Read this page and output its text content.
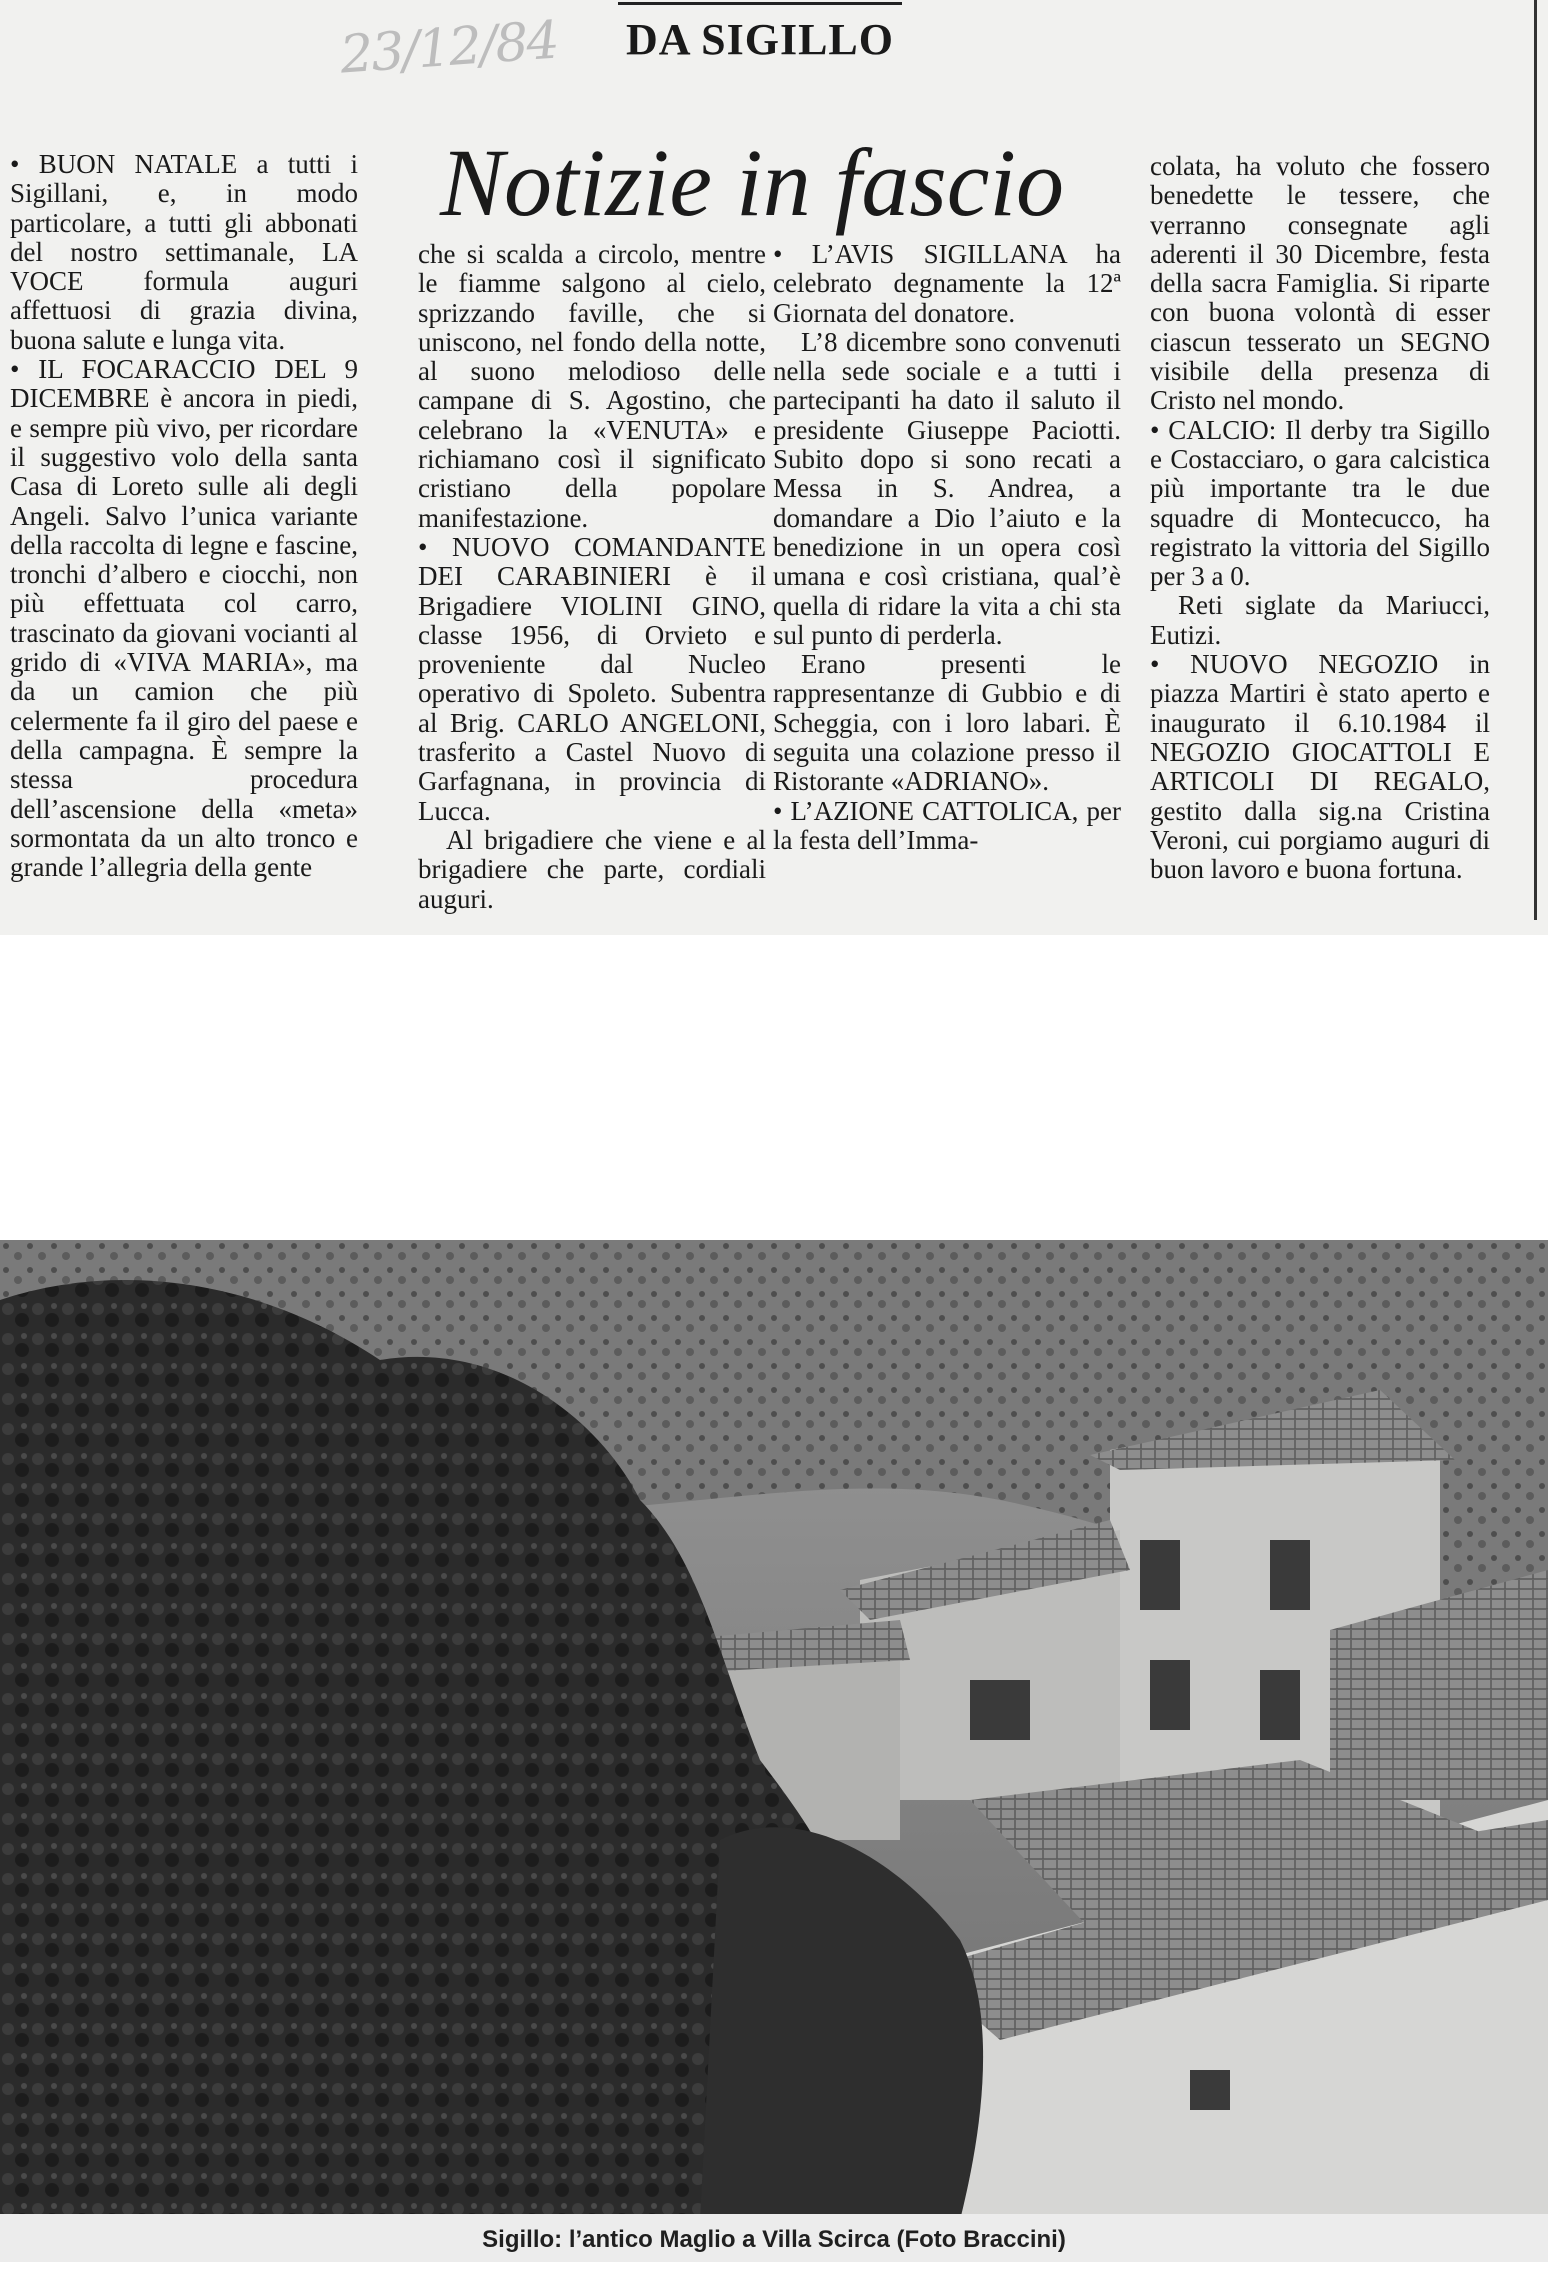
23/12/84	DA SIGILLO
Notizie in fascio

• BUON NATALE a tutti i Sigillani, e, in modo particolare, a tutti gli abbonati del nostro settimanale, LA VOCE formula auguri affettuosi di grazia divina, buona salute e lunga vita.

• IL FOCARACCIO DEL 9 DICEMBRE è ancora in piedi, e sempre più vivo, per ricordare il suggestivo volo della santa Casa di Loreto sulle ali degli Angeli. Salvo l’unica variante della raccolta di legne e fascine, tronchi d’albero e ciocchi, non più effettuata col carro, trascinato da giovani vocianti al grido di «VIVA MARIA», ma da un camion che più celermente fa il giro del paese e della campagna. È sempre la stessa procedura dell’ascensione della «meta» sormontata da un alto tronco e grande l’allegria della gente

che si scalda a circolo, mentre le fiamme salgono al cielo, sprizzando faville, che si uniscono, nel fondo della notte, al suono melodioso delle campane di S. Agostino, che celebrano la «VENUTA» e richiamano così il significato cristiano della popolare manifestazione.

• NUOVO COMANDANTE DEI CARABINIERI è il Brigadiere VIOLINI GINO, classe 1956, di Orvieto e proveniente dal Nucleo operativo di Spoleto. Subentra al Brig. CARLO ANGELONI, trasferito a Castel Nuovo di Garfagnana, in provincia di Lucca.

Al brigadiere che viene e al brigadiere che parte, cordiali auguri.

• L’AVIS SIGILLANA ha celebrato degnamente la 12ª Giornata del donatore.

L’8 dicembre sono convenuti nella sede sociale e a tutti i partecipanti ha dato il saluto il presidente Giuseppe Paciotti. Subito dopo si sono recati a Messa in S. Andrea, a domandare a Dio l’aiuto e la benedizione in un opera così umana e così cristiana, qual’è quella di ridare la vita a chi sta sul punto di perderla.

Erano presenti le rappresentanze di Gubbio e di Scheggia, con i loro labari. È seguita una colazione presso il Ristorante «ADRIANO».

• L’AZIONE CATTOLICA, per la festa dell’Imma-

colata, ha voluto che fossero benedette le tessere, che verranno consegnate agli aderenti il 30 Dicembre, festa della sacra Famiglia. Si riparte con buona volontà di esser ciascun tesserato un SEGNO visibile della presenza di Cristo nel mondo.

• CALCIO: Il derby tra Sigillo e Costacciaro, o gara calcistica più importante tra le due squadre di Montecucco, ha registrato la vittoria del Sigillo per 3 a 0.

Reti siglate da Mariucci, Eutizi.

• NUOVO NEGOZIO in piazza Martiri è stato aperto e inaugurato il 6.10.1984 il NEGOZIO GIOCATTOLI E ARTICOLI DI REGALO, gestito dalla sig.na Cristina Veroni, cui porgiamo auguri di buon lavoro e buona fortuna.

Sigillo: l’antico Maglio a Villa Scirca (Foto Braccini)
